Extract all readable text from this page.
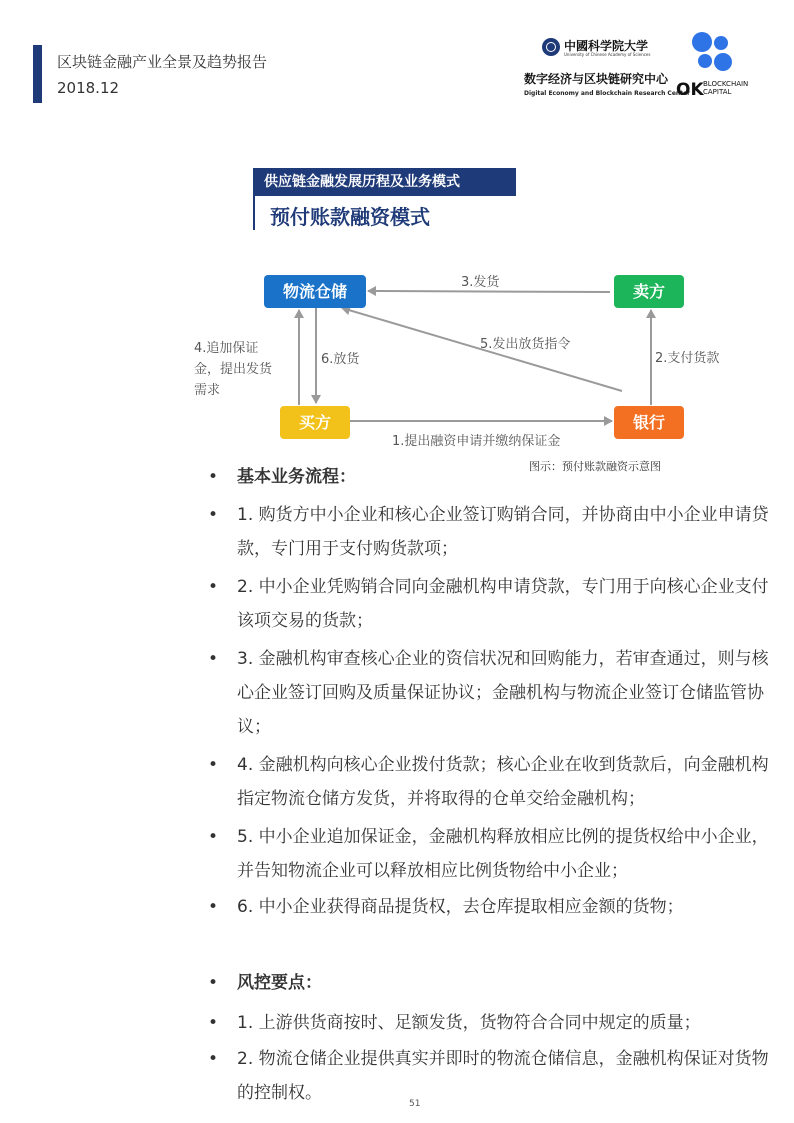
区块链金融产业全景及趋势报告
2018.12
中國科学院大学
University of Chinese Academy of Sciences
数字经济与区块链研究中心
Digital Economy and Blockchain Research Center
OK BLOCKCHAIN
CAPITAL
供应链金融发展历程及业务模式
预付账款融资模式
物流仓储	卖方
买方	银行
3.发货
5.发出放货指令
2.支付货款
6.放货
1.提出融资申请并缴纳保证金
4.追加保证
金，提出发货
需求
图示：预付账款融资示意图
• 基本业务流程：
• 1. 购货方中小企业和核心企业签订购销合同，并协商由中小企业申请贷款，专门用于支付购货款项；
• 2. 中小企业凭购销合同向金融机构申请贷款，专门用于向核心企业支付该项交易的货款；
• 3. 金融机构审查核心企业的资信状况和回购能力，若审查通过，则与核心企业签订回购及质量保证协议；金融机构与物流企业签订仓储监管协议；
• 4. 金融机构向核心企业拨付货款；核心企业在收到货款后，向金融机构指定物流仓储方发货，并将取得的仓单交给金融机构；
• 5. 中小企业追加保证金，金融机构释放相应比例的提货权给中小企业，并告知物流企业可以释放相应比例货物给中小企业；
• 6. 中小企业获得商品提货权，去仓库提取相应金额的货物；
• 风控要点：
• 1. 上游供货商按时、足额发货，货物符合合同中规定的质量；
• 2. 物流仓储企业提供真实并即时的物流仓储信息，金融机构保证对货物的控制权。
51
